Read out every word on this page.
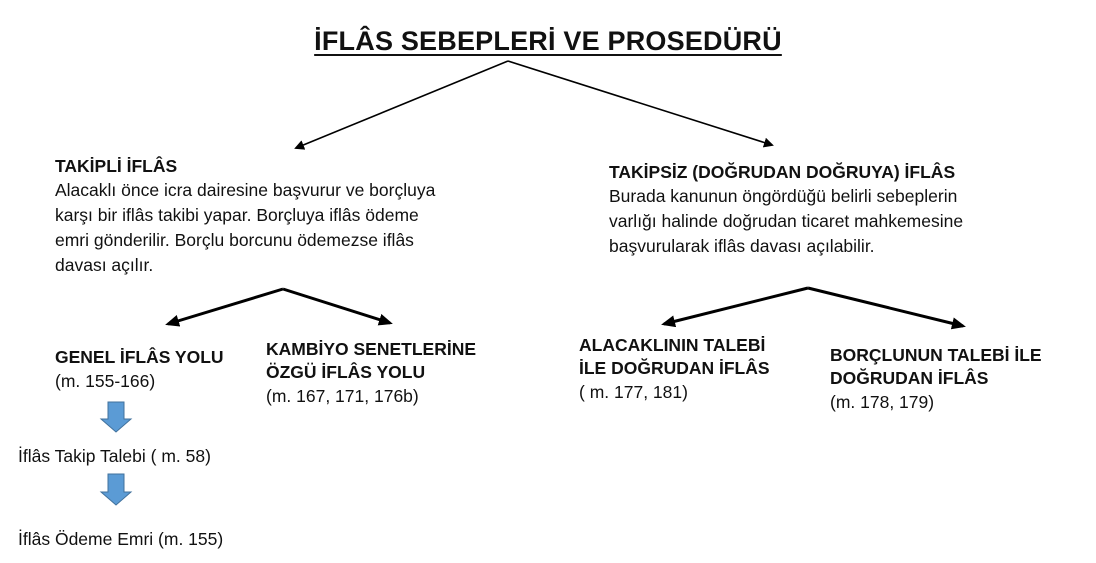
İFLÂS SEBEPLERİ VE PROSEDÜRÜ
TAKİPLİ İFLÂS
Alacaklı önce icra dairesine başvurur ve borçluya
karşı bir iflâs takibi yapar. Borçluya iflâs ödeme
emri gönderilir. Borçlu borcunu ödemezse iflâs
davası açılır.
TAKİPSİZ (DOĞRUDAN DOĞRUYA) İFLÂS
Burada kanunun öngördüğü belirli sebeplerin
varlığı halinde doğrudan ticaret mahkemesine
başvurularak iflâs davası açılabilir.
GENEL İFLÂS YOLU
(m. 155-166)
KAMBİYO SENETLERİNE
ÖZGÜ İFLÂS YOLU
(m. 167, 171, 176b)
ALACAKLININ TALEBİ
İLE DOĞRUDAN İFLÂS
( m. 177, 181)
BORÇLUNUN TALEBİ İLE
DOĞRUDAN İFLÂS
(m. 178, 179)
İflâs Takip Talebi ( m. 58)
İflâs Ödeme Emri (m. 155)
